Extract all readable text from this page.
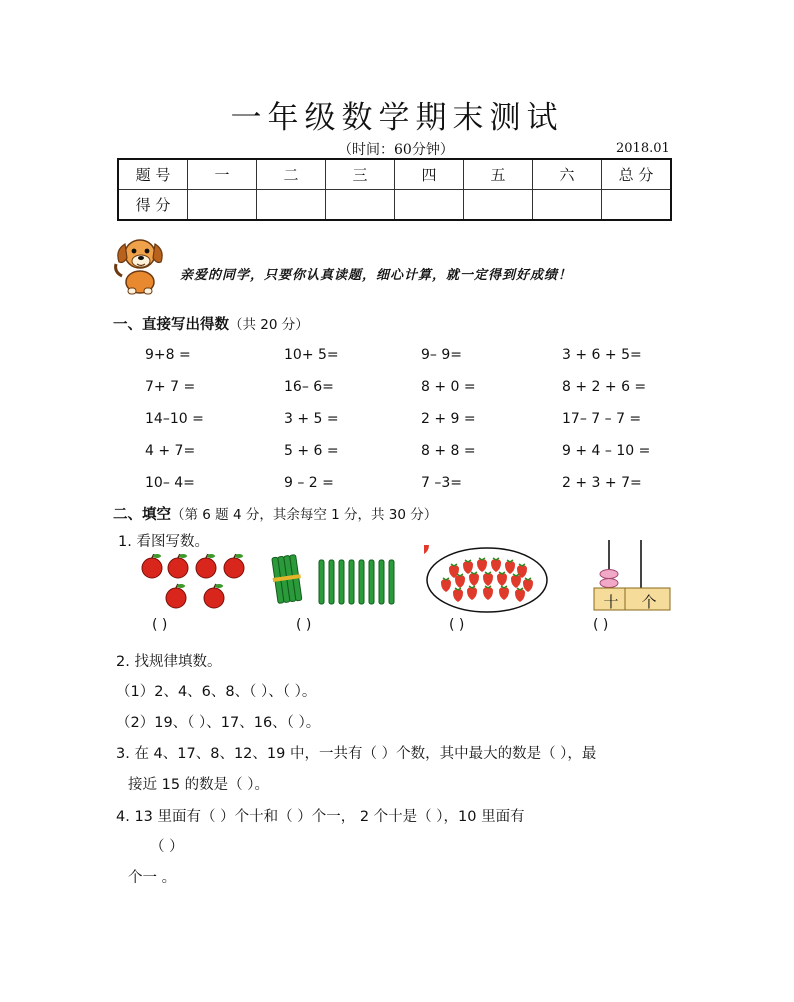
一年级数学期末测试
（时间：60分钟）	2018.01
题 号	一	二	三	四	五	六	总 分
得 分							
亲爱的同学，只要你认真读题，细心计算，就一定得到好成绩！
一、直接写出得数（共 20 分）
9+8 =	10+ 5=	9– 9=	3 + 6 + 5=
7+ 7 =	16– 6=	8 + 0 =	8 + 2 + 6 =
14–10 =	3 + 5 =	2 + 9 =	17– 7 – 7 =
4 + 7=	5 + 6 =	8 + 8 =	9 + 4 – 10 =
10– 4=	9 – 2 =	7 –3=	2 + 3 + 7=
二、填空（第 6 题 4 分，其余每空 1 分，共 30 分）
1. 看图写数。
十	个
( )	( )	( )	( )
2. 找规律填数。
（1）2、4、6、8、（ ）、（ ）。
（2）19、（ ）、17、16、（ ）。
3. 在 4、17、8、12、19 中，一共有（ ）个数，其中最大的数是（ ），最
接近 15 的数是（ ）。
4. 13 里面有（ ）个十和（ ）个一， 2 个十是（ ），10 里面有
（ ）
个一 。
